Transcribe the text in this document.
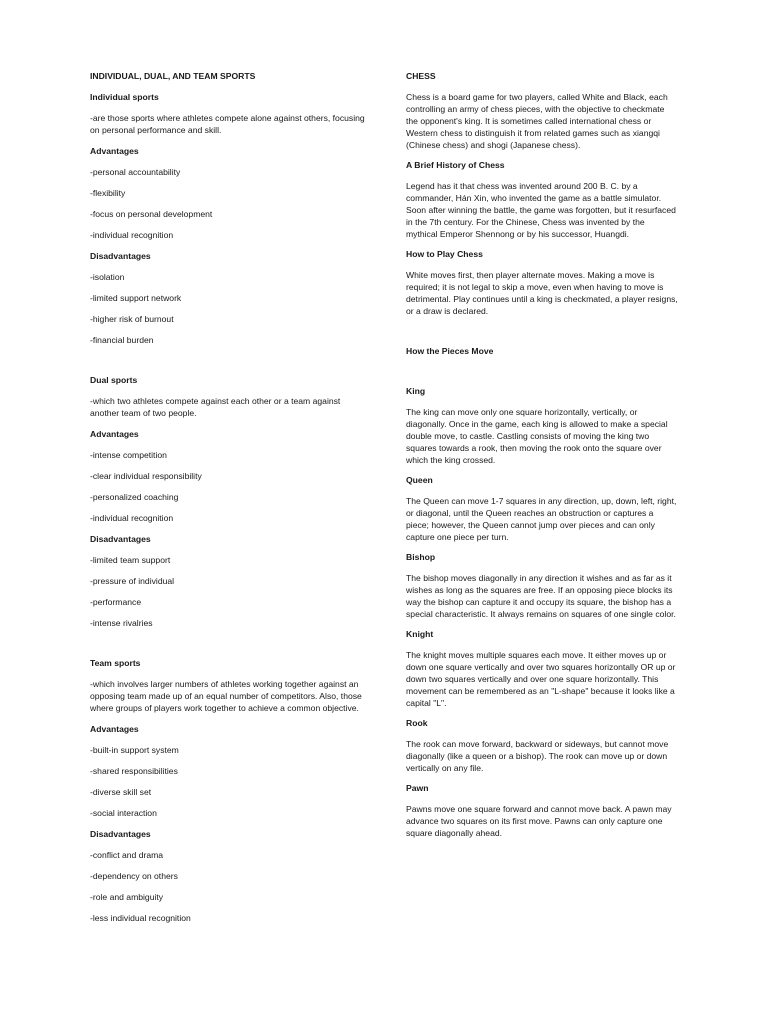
INDIVIDUAL, DUAL, AND TEAM SPORTS

Individual sports

-are those sports where athletes compete alone against others, focusing on personal performance and skill.

Advantages

-personal accountability

-flexibility

-focus on personal development

-individual recognition

Disadvantages

-isolation

-limited support network

-higher risk of burnout

-financial burden

Dual sports

-which two athletes compete against each other or a team against another team of two people.

Advantages

-intense competition

-clear individual responsibility

-personalized coaching

-individual recognition

Disadvantages

-limited team support

-pressure of individual

-performance

-intense rivalries

Team sports

-which involves larger numbers of athletes working together against an opposing team made up of an equal number of competitors. Also, those where groups of players work together to achieve a common objective.

Advantages

-built-in support system

-shared responsibilities

-diverse skill set

-social interaction

Disadvantages

-conflict and drama

-dependency on others

-role and ambiguity

-less individual recognition

CHESS

Chess is a board game for two players, called White and Black, each controlling an army of chess pieces, with the objective to checkmate the opponent's king. It is sometimes called international chess or Western chess to distinguish it from related games such as xiangqi (Chinese chess) and shogi (Japanese chess).

A Brief History of Chess

Legend has it that chess was invented around 200 B. C. by a commander, Hán Xin, who invented the game as a battle simulator. Soon after winning the battle, the game was forgotten, but it resurfaced in the 7th century. For the Chinese, Chess was invented by the mythical Emperor Shennong or by his successor, Huangdi.

How to Play Chess

White moves first, then player alternate moves. Making a move is required; it is not legal to skip a move, even when having to move is detrimental. Play continues until a king is checkmated, a player resigns, or a draw is declared.

How the Pieces Move

King

The king can move only one square horizontally, vertically, or diagonally. Once in the game, each king is allowed to make a special double move, to castle. Castling consists of moving the king two squares towards a rook, then moving the rook onto the square over which the king crossed.

Queen

The Queen can move 1-7 squares in any direction, up, down, left, right, or diagonal, until the Queen reaches an obstruction or captures a piece; however, the Queen cannot jump over pieces and can only capture one piece per turn.

Bishop

The bishop moves diagonally in any direction it wishes and as far as it wishes as long as the squares are free. If an opposing piece blocks its way the bishop can capture it and occupy its square, the bishop has a special characteristic. It always remains on squares of one single color.

Knight

The knight moves multiple squares each move. It either moves up or down one square vertically and over two squares horizontally OR up or down two squares vertically and over one square horizontally. This movement can be remembered as an "L-shape" because it looks like a capital "L".

Rook

The rook can move forward, backward or sideways, but cannot move diagonally (like a queen or a bishop). The rook can move up or down vertically on any file.

Pawn

Pawns move one square forward and cannot move back. A pawn may advance two squares on its first move. Pawns can only capture one square diagonally ahead.
